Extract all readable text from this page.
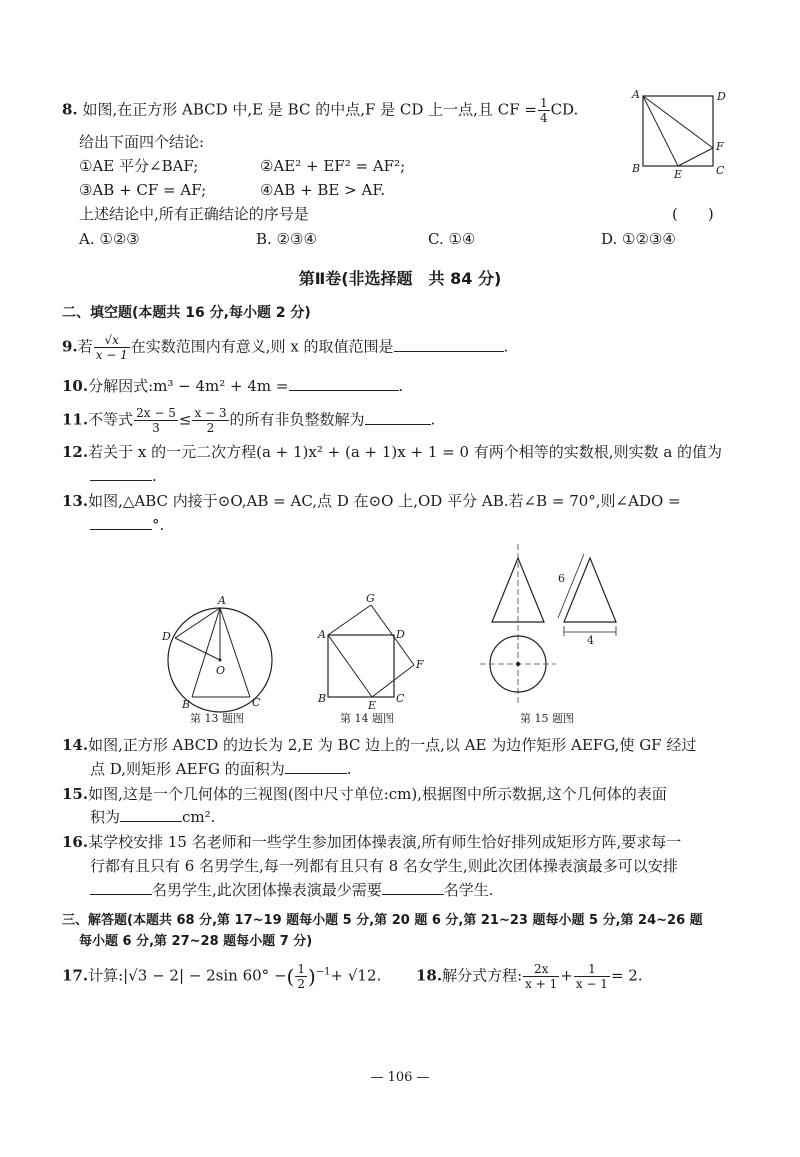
8. 如图,在正方形 ABCD 中,E 是 BC 的中点,F 是 CD 上一点,且 CF = $\frac{1}{4}$ CD.
给出下面四个结论:
①AE 平分∠BAF;	②AE² + EF² = AF²;
③AB + CF = AF;	④AB + BE > AF.
上述结论中,所有正确结论的序号是	(　　)
A. ①②③	B. ②③④	C. ①④	D. ①②③④
A	D
B	C
E
F
第Ⅱ卷(非选择题　共 84 分)
二、填空题(本题共 16 分,每小题 2 分)
9.若 $\frac{√x}{x - 1}$ 在实数范围内有意义,则 x 的取值范围是	.
10.分解因式:m³ − 4m² + 4m =	.
11.不等式 $\frac{2x - 5}{3} \le \frac{x - 3}{2}$ 的所有非负整数解为	.
12.若关于 x 的一元二次方程(a + 1)x² + (a + 1)x + 1 = 0 有两个相等的实数根,则实数 a 的值为
.
13.如图,△ABC 内接于⊙O,AB = AC,点 D 在⊙O 上,OD 平分 AB.若∠B = 70°,则∠ADO =
°.
A
D
O
B	C
第 13 题图
G
A	D
F
B
E
C
第 14 题图
6
4
第 15 题图
14.如图,正方形 ABCD 的边长为 2,E 为 BC 边上的一点,以 AE 为边作矩形 AEFG,使 GF 经过
点 D,则矩形 AEFG 的面积为	.
15.如图,这是一个几何体的三视图(图中尺寸单位:cm),根据图中所示数据,这个几何体的表面
积为	cm².
16.某学校安排 15 名老师和一些学生参加团体操表演,所有师生恰好排列成矩形方阵,要求每一
行都有且只有 6 名男学生,每一列都有且只有 8 名女学生,则此次团体操表演最多可以安排
名男学生,此次团体操表演最少需要	名学生.
三、解答题(本题共 68 分,第 17~19 题每小题 5 分,第 20 题 6 分,第 21~23 题每小题 5 分,第 24~26 题
每小题 6 分,第 27~28 题每小题 7 分)
17.计算:|√3 − 2| − 2sin 60° −( $\frac{1}{2} )^{-1}+ √12$. 18.解分式方程: $\frac{2x}{x + 1} + \frac{1}{x - 1} = 2$.
— 106 —
